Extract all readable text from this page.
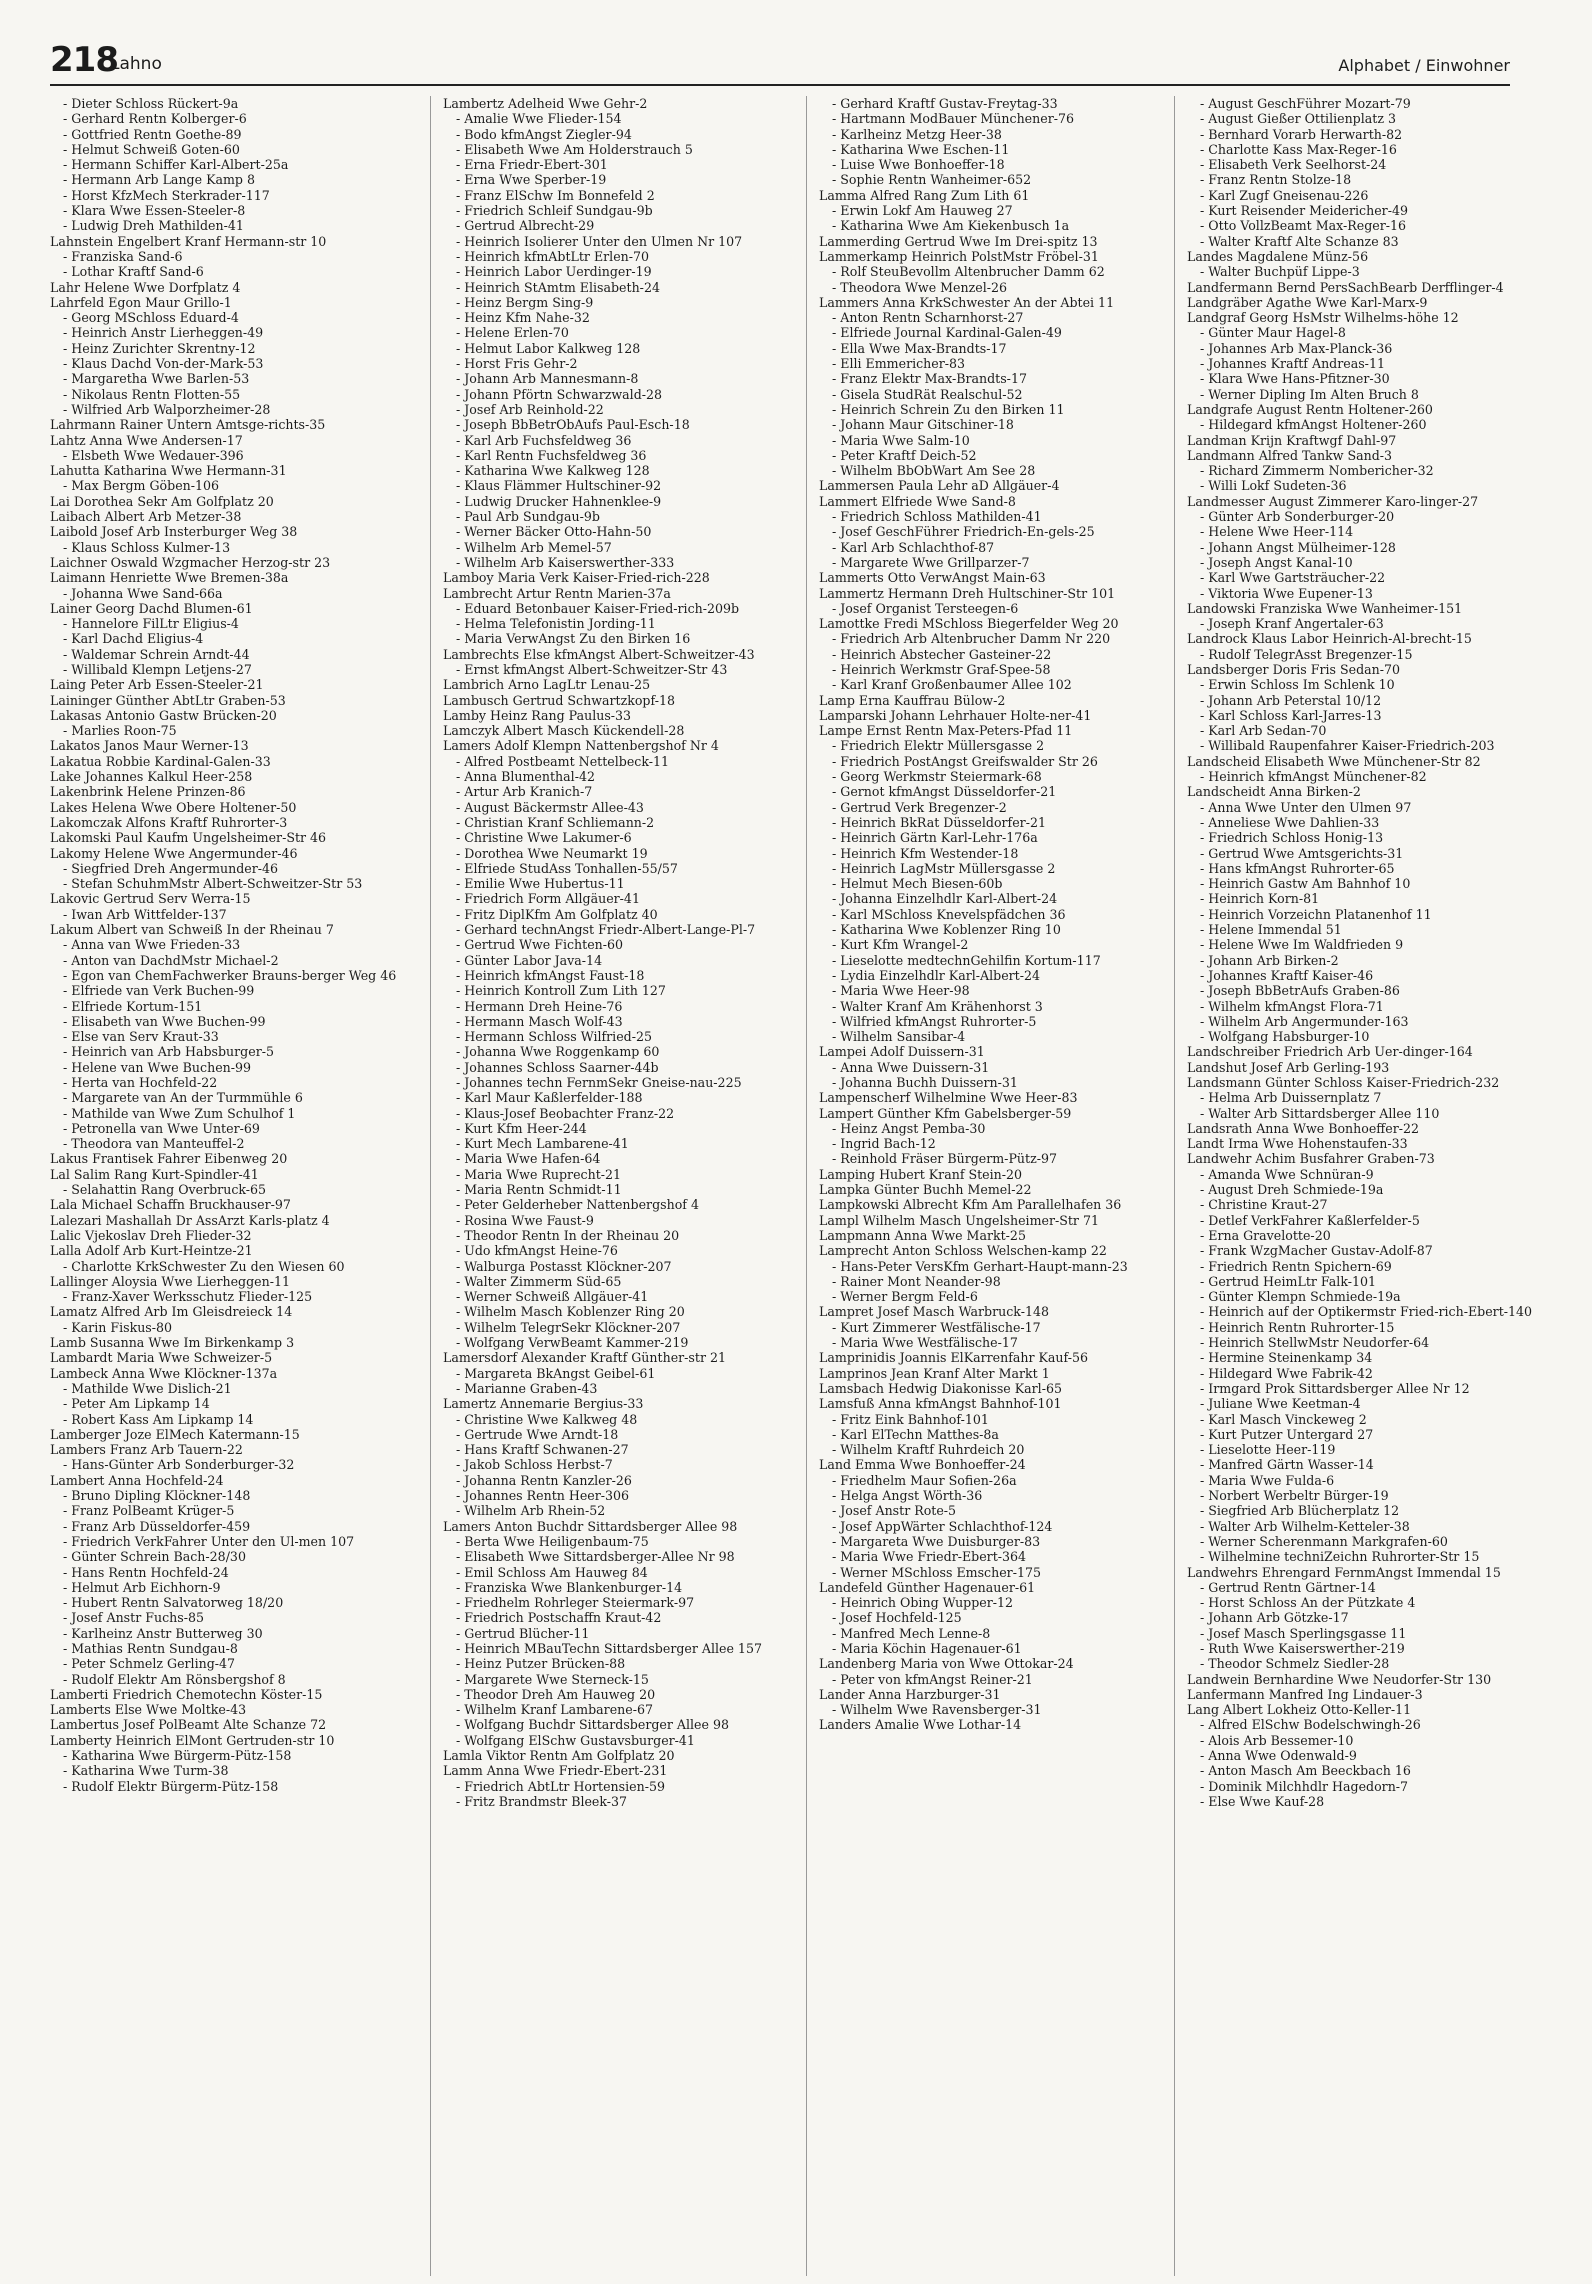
218
Lahno	Alphabet / Einwohner
- Dieter Schloss Rückert-9a
- Gerhard Rentn Kolberger-6
- Gottfried Rentn Goethe-89
- Helmut Schweiß Goten-60
- Hermann Schiffer Karl-Albert-25a
- Hermann Arb Lange Kamp 8
- Horst KfzMech Sterkrader-117
- Klara Wwe Essen-Steeler-8
- Ludwig Dreh Mathilden-41
Lahnstein Engelbert Kranf Hermann-str 10
- Franziska Sand-6
- Lothar Kraftf Sand-6
Lahr Helene Wwe Dorfplatz 4
Lahrfeld Egon Maur Grillo-1
- Georg MSchloss Eduard-4
- Heinrich Anstr Lierheggen-49
- Heinz Zurichter Skrentny-12
- Klaus Dachd Von-der-Mark-53
- Margaretha Wwe Barlen-53
- Nikolaus Rentn Flotten-55
- Wilfried Arb Walporzheimer-28
Lahrmann Rainer Untern Amtsge-richts-35
Lahtz Anna Wwe Andersen-17
- Elsbeth Wwe Wedauer-396
Lahutta Katharina Wwe Hermann-31
- Max Bergm Göben-106
Lai Dorothea Sekr Am Golfplatz 20
Laibach Albert Arb Metzer-38
Laibold Josef Arb Insterburger Weg 38
- Klaus Schloss Kulmer-13
Laichner Oswald Wzgmacher Herzog-str 23
Laimann Henriette Wwe Bremen-38a
- Johanna Wwe Sand-66a
Lainer Georg Dachd Blumen-61
- Hannelore FilLtr Eligius-4
- Karl Dachd Eligius-4
- Waldemar Schrein Arndt-44
- Willibald Klempn Letjens-27
Laing Peter Arb Essen-Steeler-21
Laininger Günther AbtLtr Graben-53
Lakasas Antonio Gastw Brücken-20
- Marlies Roon-75
Lakatos Janos Maur Werner-13
Lakatua Robbie Kardinal-Galen-33
Lake Johannes Kalkul Heer-258
Lakenbrink Helene Prinzen-86
Lakes Helena Wwe Obere Holtener-50
Lakomczak Alfons Kraftf Ruhrorter-3
Lakomski Paul Kaufm Ungelsheimer-Str 46
Lakomy Helene Wwe Angermunder-46
- Siegfried Dreh Angermunder-46
- Stefan SchuhmMstr Albert-Schweitzer-Str 53
Lakovic Gertrud Serv Werra-15
- Iwan Arb Wittfelder-137
Lakum Albert van Schweiß In der Rheinau 7
- Anna van Wwe Frieden-33
- Anton van DachdMstr Michael-2
- Egon van ChemFachwerker Brauns-berger Weg 46
- Elfriede van Verk Buchen-99
- Elfriede Kortum-151
- Elisabeth van Wwe Buchen-99
- Else van Serv Kraut-33
- Heinrich van Arb Habsburger-5
- Helene van Wwe Buchen-99
- Herta van Hochfeld-22
- Margarete van An der Turmmühle 6
- Mathilde van Wwe Zum Schulhof 1
- Petronella van Wwe Unter-69
- Theodora van Manteuffel-2
Lakus Frantisek Fahrer Eibenweg 20
Lal Salim Rang Kurt-Spindler-41
- Selahattin Rang Overbruck-65
Lala Michael Schaffn Bruckhauser-97
Lalezari Mashallah Dr AssArzt Karls-platz 4
Lalic Vjekoslav Dreh Flieder-32
Lalla Adolf Arb Kurt-Heintze-21
- Charlotte KrkSchwester Zu den Wiesen 60
Lallinger Aloysia Wwe Lierheggen-11
- Franz-Xaver Werksschutz Flieder-125
Lamatz Alfred Arb Im Gleisdreieck 14
- Karin Fiskus-80
Lamb Susanna Wwe Im Birkenkamp 3
Lambardt Maria Wwe Schweizer-5
Lambeck Anna Wwe Klöckner-137a
- Mathilde Wwe Dislich-21
- Peter Am Lipkamp 14
- Robert Kass Am Lipkamp 14
Lamberger Joze ElMech Katermann-15
Lambers Franz Arb Tauern-22
- Hans-Günter Arb Sonderburger-32
Lambert Anna Hochfeld-24
- Bruno Dipling Klöckner-148
- Franz PolBeamt Krüger-5
- Franz Arb Düsseldorfer-459
- Friedrich VerkFahrer Unter den Ul-men 107
- Günter Schrein Bach-28/30
- Hans Rentn Hochfeld-24
- Helmut Arb Eichhorn-9
- Hubert Rentn Salvatorweg 18/20
- Josef Anstr Fuchs-85
- Karlheinz Anstr Butterweg 30
- Mathias Rentn Sundgau-8
- Peter Schmelz Gerling-47
- Rudolf Elektr Am Rönsbergshof 8
Lamberti Friedrich Chemotechn Köster-15
Lamberts Else Wwe Moltke-43
Lambertus Josef PolBeamt Alte Schanze 72
Lamberty Heinrich ElMont Gertruden-str 10
- Katharina Wwe Bürgerm-Pütz-158
- Katharina Wwe Turm-38
- Rudolf Elektr Bürgerm-Pütz-158
Lambertz Adelheid Wwe Gehr-2
- Amalie Wwe Flieder-154
- Bodo kfmAngst Ziegler-94
- Elisabeth Wwe Am Holderstrauch 5
- Erna Friedr-Ebert-301
- Erna Wwe Sperber-19
- Franz ElSchw Im Bonnefeld 2
- Friedrich Schleif Sundgau-9b
- Gertrud Albrecht-29
- Heinrich Isolierer Unter den Ulmen Nr 107
- Heinrich kfmAbtLtr Erlen-70
- Heinrich Labor Uerdinger-19
- Heinrich StAmtm Elisabeth-24
- Heinz Bergm Sing-9
- Heinz Kfm Nahe-32
- Helene Erlen-70
- Helmut Labor Kalkweg 128
- Horst Fris Gehr-2
- Johann Arb Mannesmann-8
- Johann Pförtn Schwarzwald-28
- Josef Arb Reinhold-22
- Joseph BbBetrObAufs Paul-Esch-18
- Karl Arb Fuchsfeldweg 36
- Karl Rentn Fuchsfeldweg 36
- Katharina Wwe Kalkweg 128
- Klaus Flämmer Hultschiner-92
- Ludwig Drucker Hahnenklee-9
- Paul Arb Sundgau-9b
- Werner Bäcker Otto-Hahn-50
- Wilhelm Arb Memel-57
- Wilhelm Arb Kaiserswerther-333
Lamboy Maria Verk Kaiser-Fried-rich-228
Lambrecht Artur Rentn Marien-37a
- Eduard Betonbauer Kaiser-Fried-rich-209b
- Helma Telefonistin Jording-11
- Maria VerwAngst Zu den Birken 16
Lambrechts Else kfmAngst Albert-Schweitzer-43
- Ernst kfmAngst Albert-Schweitzer-Str 43
Lambrich Arno LagLtr Lenau-25
Lambusch Gertrud Schwartzkopf-18
Lamby Heinz Rang Paulus-33
Lamczyk Albert Masch Kückendell-28
Lamers Adolf Klempn Nattenbergshof Nr 4
- Alfred Postbeamt Nettelbeck-11
- Anna Blumenthal-42
- Artur Arb Kranich-7
- August Bäckermstr Allee-43
- Christian Kranf Schliemann-2
- Christine Wwe Lakumer-6
- Dorothea Wwe Neumarkt 19
- Elfriede StudAss Tonhallen-55/57
- Emilie Wwe Hubertus-11
- Friedrich Form Allgäuer-41
- Fritz DiplKfm Am Golfplatz 40
- Gerhard technAngst Friedr-Albert-Lange-Pl-7
- Gertrud Wwe Fichten-60
- Günter Labor Java-14
- Heinrich kfmAngst Faust-18
- Heinrich Kontroll Zum Lith 127
- Hermann Dreh Heine-76
- Hermann Masch Wolf-43
- Hermann Schloss Wilfried-25
- Johanna Wwe Roggenkamp 60
- Johannes Schloss Saarner-44b
- Johannes techn FernmSekr Gneise-nau-225
- Karl Maur Kaßlerfelder-188
- Klaus-Josef Beobachter Franz-22
- Kurt Kfm Heer-244
- Kurt Mech Lambarene-41
- Maria Wwe Hafen-64
- Maria Wwe Ruprecht-21
- Maria Rentn Schmidt-11
- Peter Gelderheber Nattenbergshof 4
- Rosina Wwe Faust-9
- Theodor Rentn In der Rheinau 20
- Udo kfmAngst Heine-76
- Walburga Postasst Klöckner-207
- Walter Zimmerm Süd-65
- Werner Schweiß Allgäuer-41
- Wilhelm Masch Koblenzer Ring 20
- Wilhelm TelegrSekr Klöckner-207
- Wolfgang VerwBeamt Kammer-219
Lamersdorf Alexander Kraftf Günther-str 21
- Margareta BkAngst Geibel-61
- Marianne Graben-43
Lamertz Annemarie Bergius-33
- Christine Wwe Kalkweg 48
- Gertrude Wwe Arndt-18
- Hans Kraftf Schwanen-27
- Jakob Schloss Herbst-7
- Johanna Rentn Kanzler-26
- Johannes Rentn Heer-306
- Wilhelm Arb Rhein-52
Lamers Anton Buchdr Sittardsberger Allee 98
- Berta Wwe Heiligenbaum-75
- Elisabeth Wwe Sittardsberger-Allee Nr 98
- Emil Schloss Am Hauweg 84
- Franziska Wwe Blankenburger-14
- Friedhelm Rohrleger Steiermark-97
- Friedrich Postschaffn Kraut-42
- Gertrud Blücher-11
- Heinrich MBauTechn Sittardsberger Allee 157
- Heinz Putzer Brücken-88
- Margarete Wwe Sterneck-15
- Theodor Dreh Am Hauweg 20
- Wilhelm Kranf Lambarene-67
- Wolfgang Buchdr Sittardsberger Allee 98
- Wolfgang ElSchw Gustavsburger-41
Lamla Viktor Rentn Am Golfplatz 20
Lamm Anna Wwe Friedr-Ebert-231
- Friedrich AbtLtr Hortensien-59
- Fritz Brandmstr Bleek-37
- Gerhard Kraftf Gustav-Freytag-33
- Hartmann ModBauer Münchener-76
- Karlheinz Metzg Heer-38
- Katharina Wwe Eschen-11
- Luise Wwe Bonhoeffer-18
- Sophie Rentn Wanheimer-652
Lamma Alfred Rang Zum Lith 61
- Erwin Lokf Am Hauweg 27
- Katharina Wwe Am Kiekenbusch 1a
Lammerding Gertrud Wwe Im Drei-spitz 13
Lammerkamp Heinrich PolstMstr Fröbel-31
- Rolf SteuBevollm Altenbrucher Damm 62
- Theodora Wwe Menzel-26
Lammers Anna KrkSchwester An der Abtei 11
- Anton Rentn Scharnhorst-27
- Elfriede Journal Kardinal-Galen-49
- Ella Wwe Max-Brandts-17
- Elli Emmericher-83
- Franz Elektr Max-Brandts-17
- Gisela StudRät Realschul-52
- Heinrich Schrein Zu den Birken 11
- Johann Maur Gitschiner-18
- Maria Wwe Salm-10
- Peter Kraftf Deich-52
- Wilhelm BbObWart Am See 28
Lammersen Paula Lehr aD Allgäuer-4
Lammert Elfriede Wwe Sand-8
- Friedrich Schloss Mathilden-41
- Josef GeschFührer Friedrich-En-gels-25
- Karl Arb Schlachthof-87
- Margarete Wwe Grillparzer-7
Lammerts Otto VerwAngst Main-63
Lammertz Hermann Dreh Hultschiner-Str 101
- Josef Organist Tersteegen-6
Lamottke Fredi MSchloss Biegerfelder Weg 20
- Friedrich Arb Altenbrucher Damm Nr 220
- Heinrich Abstecher Gasteiner-22
- Heinrich Werkmstr Graf-Spee-58
- Karl Kranf Großenbaumer Allee 102
Lamp Erna Kauffrau Bülow-2
Lamparski Johann Lehrhauer Holte-ner-41
Lampe Ernst Rentn Max-Peters-Pfad 11
- Friedrich Elektr Müllersgasse 2
- Friedrich PostAngst Greifswalder Str 26
- Georg Werkmstr Steiermark-68
- Gernot kfmAngst Düsseldorfer-21
- Gertrud Verk Bregenzer-2
- Heinrich BkRat Düsseldorfer-21
- Heinrich Gärtn Karl-Lehr-176a
- Heinrich Kfm Westender-18
- Heinrich LagMstr Müllersgasse 2
- Helmut Mech Biesen-60b
- Johanna Einzelhdlr Karl-Albert-24
- Karl MSchloss Knevelspfädchen 36
- Katharina Wwe Koblenzer Ring 10
- Kurt Kfm Wrangel-2
- Lieselotte medtechnGehilfin Kortum-117
- Lydia Einzelhdlr Karl-Albert-24
- Maria Wwe Heer-98
- Walter Kranf Am Krähenhorst 3
- Wilfried kfmAngst Ruhrorter-5
- Wilhelm Sansibar-4
Lampei Adolf Duissern-31
- Anna Wwe Duissern-31
- Johanna Buchh Duissern-31
Lampenscherf Wilhelmine Wwe Heer-83
Lampert Günther Kfm Gabelsberger-59
- Heinz Angst Pemba-30
- Ingrid Bach-12
- Reinhold Fräser Bürgerm-Pütz-97
Lamping Hubert Kranf Stein-20
Lampka Günter Buchh Memel-22
Lampkowski Albrecht Kfm Am Parallelhafen 36
Lampl Wilhelm Masch Ungelsheimer-Str 71
Lampmann Anna Wwe Markt-25
Lamprecht Anton Schloss Welschen-kamp 22
- Hans-Peter VersKfm Gerhart-Haupt-mann-23
- Rainer Mont Neander-98
- Werner Bergm Feld-6
Lampret Josef Masch Warbruck-148
- Kurt Zimmerer Westfälische-17
- Maria Wwe Westfälische-17
Lamprinidis Joannis ElKarrenfahr Kauf-56
Lamprinos Jean Kranf Alter Markt 1
Lamsbach Hedwig Diakonisse Karl-65
Lamsfuß Anna kfmAngst Bahnhof-101
- Fritz Eink Bahnhof-101
- Karl ElTechn Matthes-8a
- Wilhelm Kraftf Ruhrdeich 20
Land Emma Wwe Bonhoeffer-24
- Friedhelm Maur Sofien-26a
- Helga Angst Wörth-36
- Josef Anstr Rote-5
- Josef AppWärter Schlachthof-124
- Margareta Wwe Duisburger-83
- Maria Wwe Friedr-Ebert-364
- Werner MSchloss Emscher-175
Landefeld Günther Hagenauer-61
- Heinrich Obing Wupper-12
- Josef Hochfeld-125
- Manfred Mech Lenne-8
- Maria Köchin Hagenauer-61
Landenberg Maria von Wwe Ottokar-24
- Peter von kfmAngst Reiner-21
Lander Anna Harzburger-31
- Wilhelm Wwe Ravensberger-31
Landers Amalie Wwe Lothar-14
- August GeschFührer Mozart-79
- August Gießer Ottilienplatz 3
- Bernhard Vorarb Herwarth-82
- Charlotte Kass Max-Reger-16
- Elisabeth Verk Seelhorst-24
- Franz Rentn Stolze-18
- Karl Zugf Gneisenau-226
- Kurt Reisender Meidericher-49
- Otto VollzBeamt Max-Reger-16
- Walter Kraftf Alte Schanze 83
Landes Magdalene Münz-56
- Walter Buchpüf Lippe-3
Landfermann Bernd PersSachBearb Derfflinger-4
Landgräber Agathe Wwe Karl-Marx-9
Landgraf Georg HsMstr Wilhelms-höhe 12
- Günter Maur Hagel-8
- Johannes Arb Max-Planck-36
- Johannes Kraftf Andreas-11
- Klara Wwe Hans-Pfitzner-30
- Werner Dipling Im Alten Bruch 8
Landgrafe August Rentn Holtener-260
- Hildegard kfmAngst Holtener-260
Landman Krijn Kraftwgf Dahl-97
Landmann Alfred Tankw Sand-3
- Richard Zimmerm Nombericher-32
- Willi Lokf Sudeten-36
Landmesser August Zimmerer Karo-linger-27
- Günter Arb Sonderburger-20
- Helene Wwe Heer-114
- Johann Angst Mülheimer-128
- Joseph Angst Kanal-10
- Karl Wwe Gartsträucher-22
- Viktoria Wwe Eupener-13
Landowski Franziska Wwe Wanheimer-151
- Joseph Kranf Angertaler-63
Landrock Klaus Labor Heinrich-Al-brecht-15
- Rudolf TelegrAsst Bregenzer-15
Landsberger Doris Fris Sedan-70
- Erwin Schloss Im Schlenk 10
- Johann Arb Peterstal 10/12
- Karl Schloss Karl-Jarres-13
- Karl Arb Sedan-70
- Willibald Raupenfahrer Kaiser-Friedrich-203
Landscheid Elisabeth Wwe Münchener-Str 82
- Heinrich kfmAngst Münchener-82
Landscheidt Anna Birken-2
- Anna Wwe Unter den Ulmen 97
- Anneliese Wwe Dahlien-33
- Friedrich Schloss Honig-13
- Gertrud Wwe Amtsgerichts-31
- Hans kfmAngst Ruhrorter-65
- Heinrich Gastw Am Bahnhof 10
- Heinrich Korn-81
- Heinrich Vorzeichn Platanenhof 11
- Helene Immendal 51
- Helene Wwe Im Waldfrieden 9
- Johann Arb Birken-2
- Johannes Kraftf Kaiser-46
- Joseph BbBetrAufs Graben-86
- Wilhelm kfmAngst Flora-71
- Wilhelm Arb Angermunder-163
- Wolfgang Habsburger-10
Landschreiber Friedrich Arb Uer-dinger-164
Landshut Josef Arb Gerling-193
Landsmann Günter Schloss Kaiser-Friedrich-232
- Helma Arb Duissernplatz 7
- Walter Arb Sittardsberger Allee 110
Landsrath Anna Wwe Bonhoeffer-22
Landt Irma Wwe Hohenstaufen-33
Landwehr Achim Busfahrer Graben-73
- Amanda Wwe Schnüran-9
- August Dreh Schmiede-19a
- Christine Kraut-27
- Detlef VerkFahrer Kaßlerfelder-5
- Erna Gravelotte-20
- Frank WzgMacher Gustav-Adolf-87
- Friedrich Rentn Spichern-69
- Gertrud HeimLtr Falk-101
- Günter Klempn Schmiede-19a
- Heinrich auf der Optikermstr Fried-rich-Ebert-140
- Heinrich Rentn Ruhrorter-15
- Heinrich StellwMstr Neudorfer-64
- Hermine Steinenkamp 34
- Hildegard Wwe Fabrik-42
- Irmgard Prok Sittardsberger Allee Nr 12
- Juliane Wwe Keetman-4
- Karl Masch Vinckeweg 2
- Kurt Putzer Untergard 27
- Lieselotte Heer-119
- Manfred Gärtn Wasser-14
- Maria Wwe Fulda-6
- Norbert Werbeltr Bürger-19
- Siegfried Arb Blücherplatz 12
- Walter Arb Wilhelm-Ketteler-38
- Werner Scherenmann Markgrafen-60
- Wilhelmine techniZeichn Ruhrorter-Str 15
Landwehrs Ehrengard FernmAngst Immendal 15
- Gertrud Rentn Gärtner-14
- Horst Schloss An der Pützkate 4
- Johann Arb Götzke-17
- Josef Masch Sperlingsgasse 11
- Ruth Wwe Kaiserswerther-219
- Theodor Schmelz Siedler-28
Landwein Bernhardine Wwe Neudorfer-Str 130
Lanfermann Manfred Ing Lindauer-3
Lang Albert Lokheiz Otto-Keller-11
- Alfred ElSchw Bodelschwingh-26
- Alois Arb Bessemer-10
- Anna Wwe Odenwald-9
- Anton Masch Am Beeckbach 16
- Dominik Milchhdlr Hagedorn-7
- Else Wwe Kauf-28
